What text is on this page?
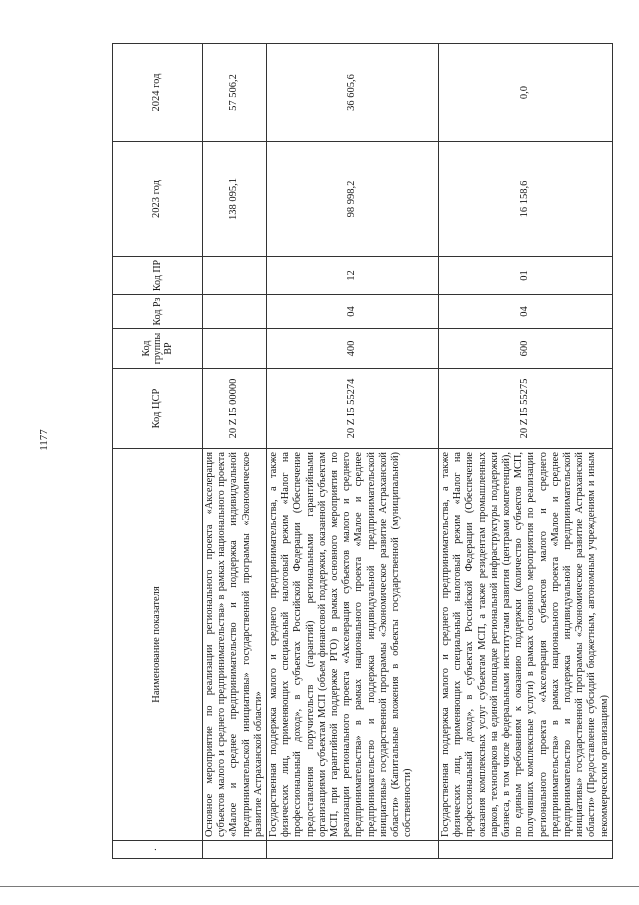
1177
·	Наименование показателя	Код ЦСР	Код группы ВР	Код Рз	Код ПР	2023 год	2024 год
	Основное мероприятие по реализации регионального проекта «Акселерация субъектов малого и среднего предпринимательства» в рамках национального проекта «Малое и среднее предпринимательство и поддержка индивидуальной предпринимательской инициативы» государственной программы «Экономическое развитие Астраханской области»	20 Z I5 00000				138 095,1	57 506,2
	Государственная поддержка малого и среднего предпринимательства, а также физических лиц, применяющих специальный налоговый режим «Налог на профессиональный доход», в субъектах Российской Федерации (Обеспечение предоставления поручительств (гарантий) региональными гарантийными организациями субъектам МСП (объем финансовой поддержки, оказанной субъектам МСП, при гарантийной поддержке РГО) в рамках основного мероприятия по реализации регионального проекта «Акселерация субъектов малого и среднего предпринимательства» в рамках национального проекта «Малое и среднее предпринимательство и поддержка индивидуальной предпринимательской инициативы» государственной программы «Экономическое развитие Астраханской области» (Капитальные вложения в объекты государственной (муниципальной) собственности)	20 Z I5 55274	400	04	12	98 998,2	36 605,6
	Государственная поддержка малого и среднего предпринимательства, а также физических лиц, применяющих специальный налоговый режим «Налог на профессиональный доход», в субъектах Российской Федерации (Обеспечение оказания комплексных услуг субъектам МСП, а также резидентам промышленных парков, технопарков на единой площадке региональной инфраструктуры поддержки бизнеса, в том числе федеральными институтами развития (центрами компетенций), по единым требованиям к оказанию поддержки (количество субъектов МСП, получивших комплексные услуги) в рамках основного мероприятия по реализации регионального проекта «Акселерация субъектов малого и среднего предпринимательства» в рамках национального проекта «Малое и среднее предпринимательство и поддержка индивидуальной предпринимательской инициативы» государственной программы «Экономическое развитие Астраханской области» (Предоставление субсидий бюджетным, автономным учреждениям и иным некоммерческим организациям)	20 Z I5 55275	600	04	01	16 158,6	0,0
